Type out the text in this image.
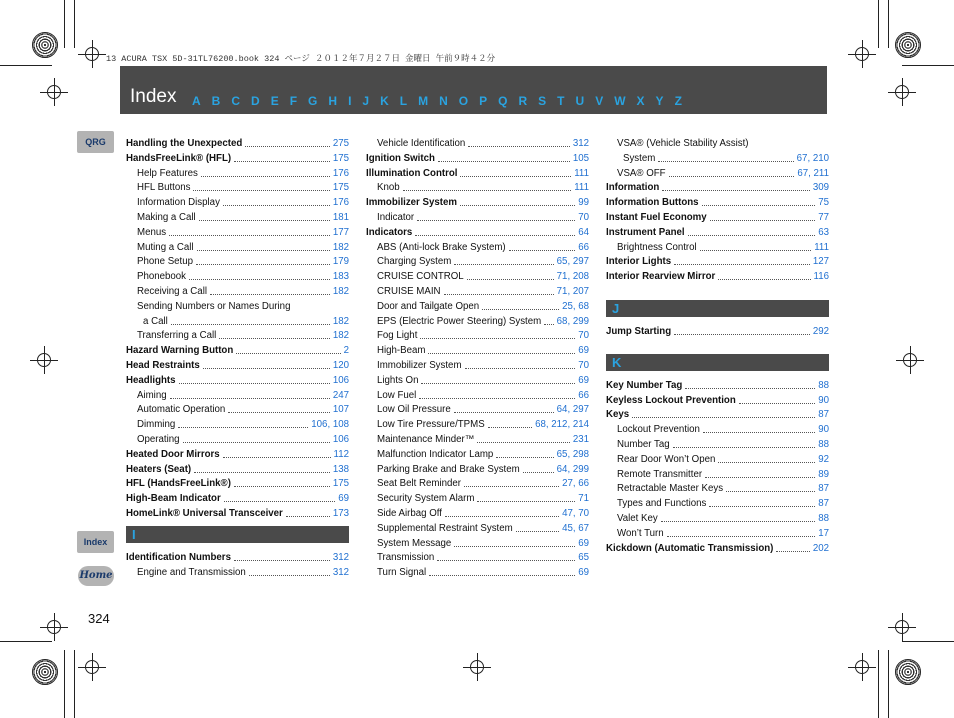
13 ACURA TSX 5D-31TL76200.book 324 ページ ２０１２年７月２７日 金曜日 午前９時４２分
Index A B C D E F G H I J K L M N O P Q R S T U V W X Y Z
QRG
Index
Home
324
Handling the Unexpected	275
HandsFreeLink® (HFL)	175
Help Features	176
HFL Buttons	175
Information Display	176
Making a Call	181
Menus	177
Muting a Call	182
Phone Setup	179
Phonebook	183
Receiving a Call	182
Sending Numbers or Names During
a Call	182
Transferring a Call	182
Hazard Warning Button	2
Head Restraints	120
Headlights	106
Aiming	247
Automatic Operation	107
Dimming	106, 108
Operating	106
Heated Door Mirrors	112
Heaters (Seat)	138
HFL (HandsFreeLink®)	175
High-Beam Indicator	69
HomeLink® Universal Transceiver	173
I
Identification Numbers	312
Engine and Transmission	312
Vehicle Identification	312
Ignition Switch	105
Illumination Control	111
Knob	111
Immobilizer System	99
Indicator	70
Indicators	64
ABS (Anti-lock Brake System)	66
Charging System	65, 297
CRUISE CONTROL	71, 208
CRUISE MAIN	71, 207
Door and Tailgate Open	25, 68
EPS (Electric Power Steering) System 68, 299
Fog Light	70
High-Beam	69
Immobilizer System	70
Lights On	69
Low Fuel	66
Low Oil Pressure	64, 297
Low Tire Pressure/TPMS	68, 212, 214
Maintenance Minder™	231
Malfunction Indicator Lamp	65, 298
Parking Brake and Brake System	64, 299
Seat Belt Reminder	27, 66
Security System Alarm	71
Side Airbag Off	47, 70
Supplemental Restraint System	45, 67
System Message	69
Transmission	65
Turn Signal	69
VSA® (Vehicle Stability Assist)
System	67, 210
VSA® OFF	67, 211
Information	309
Information Buttons	75
Instant Fuel Economy	77
Instrument Panel	63
Brightness Control	111
Interior Lights	127
Interior Rearview Mirror	116
J
Jump Starting	292
K
Key Number Tag	88
Keyless Lockout Prevention	90
Keys	87
Lockout Prevention	90
Number Tag	88
Rear Door Won’t Open	92
Remote Transmitter	89
Retractable Master Keys	87
Types and Functions	87
Valet Key	88
Won’t Turn	17
Kickdown (Automatic Transmission)	202
